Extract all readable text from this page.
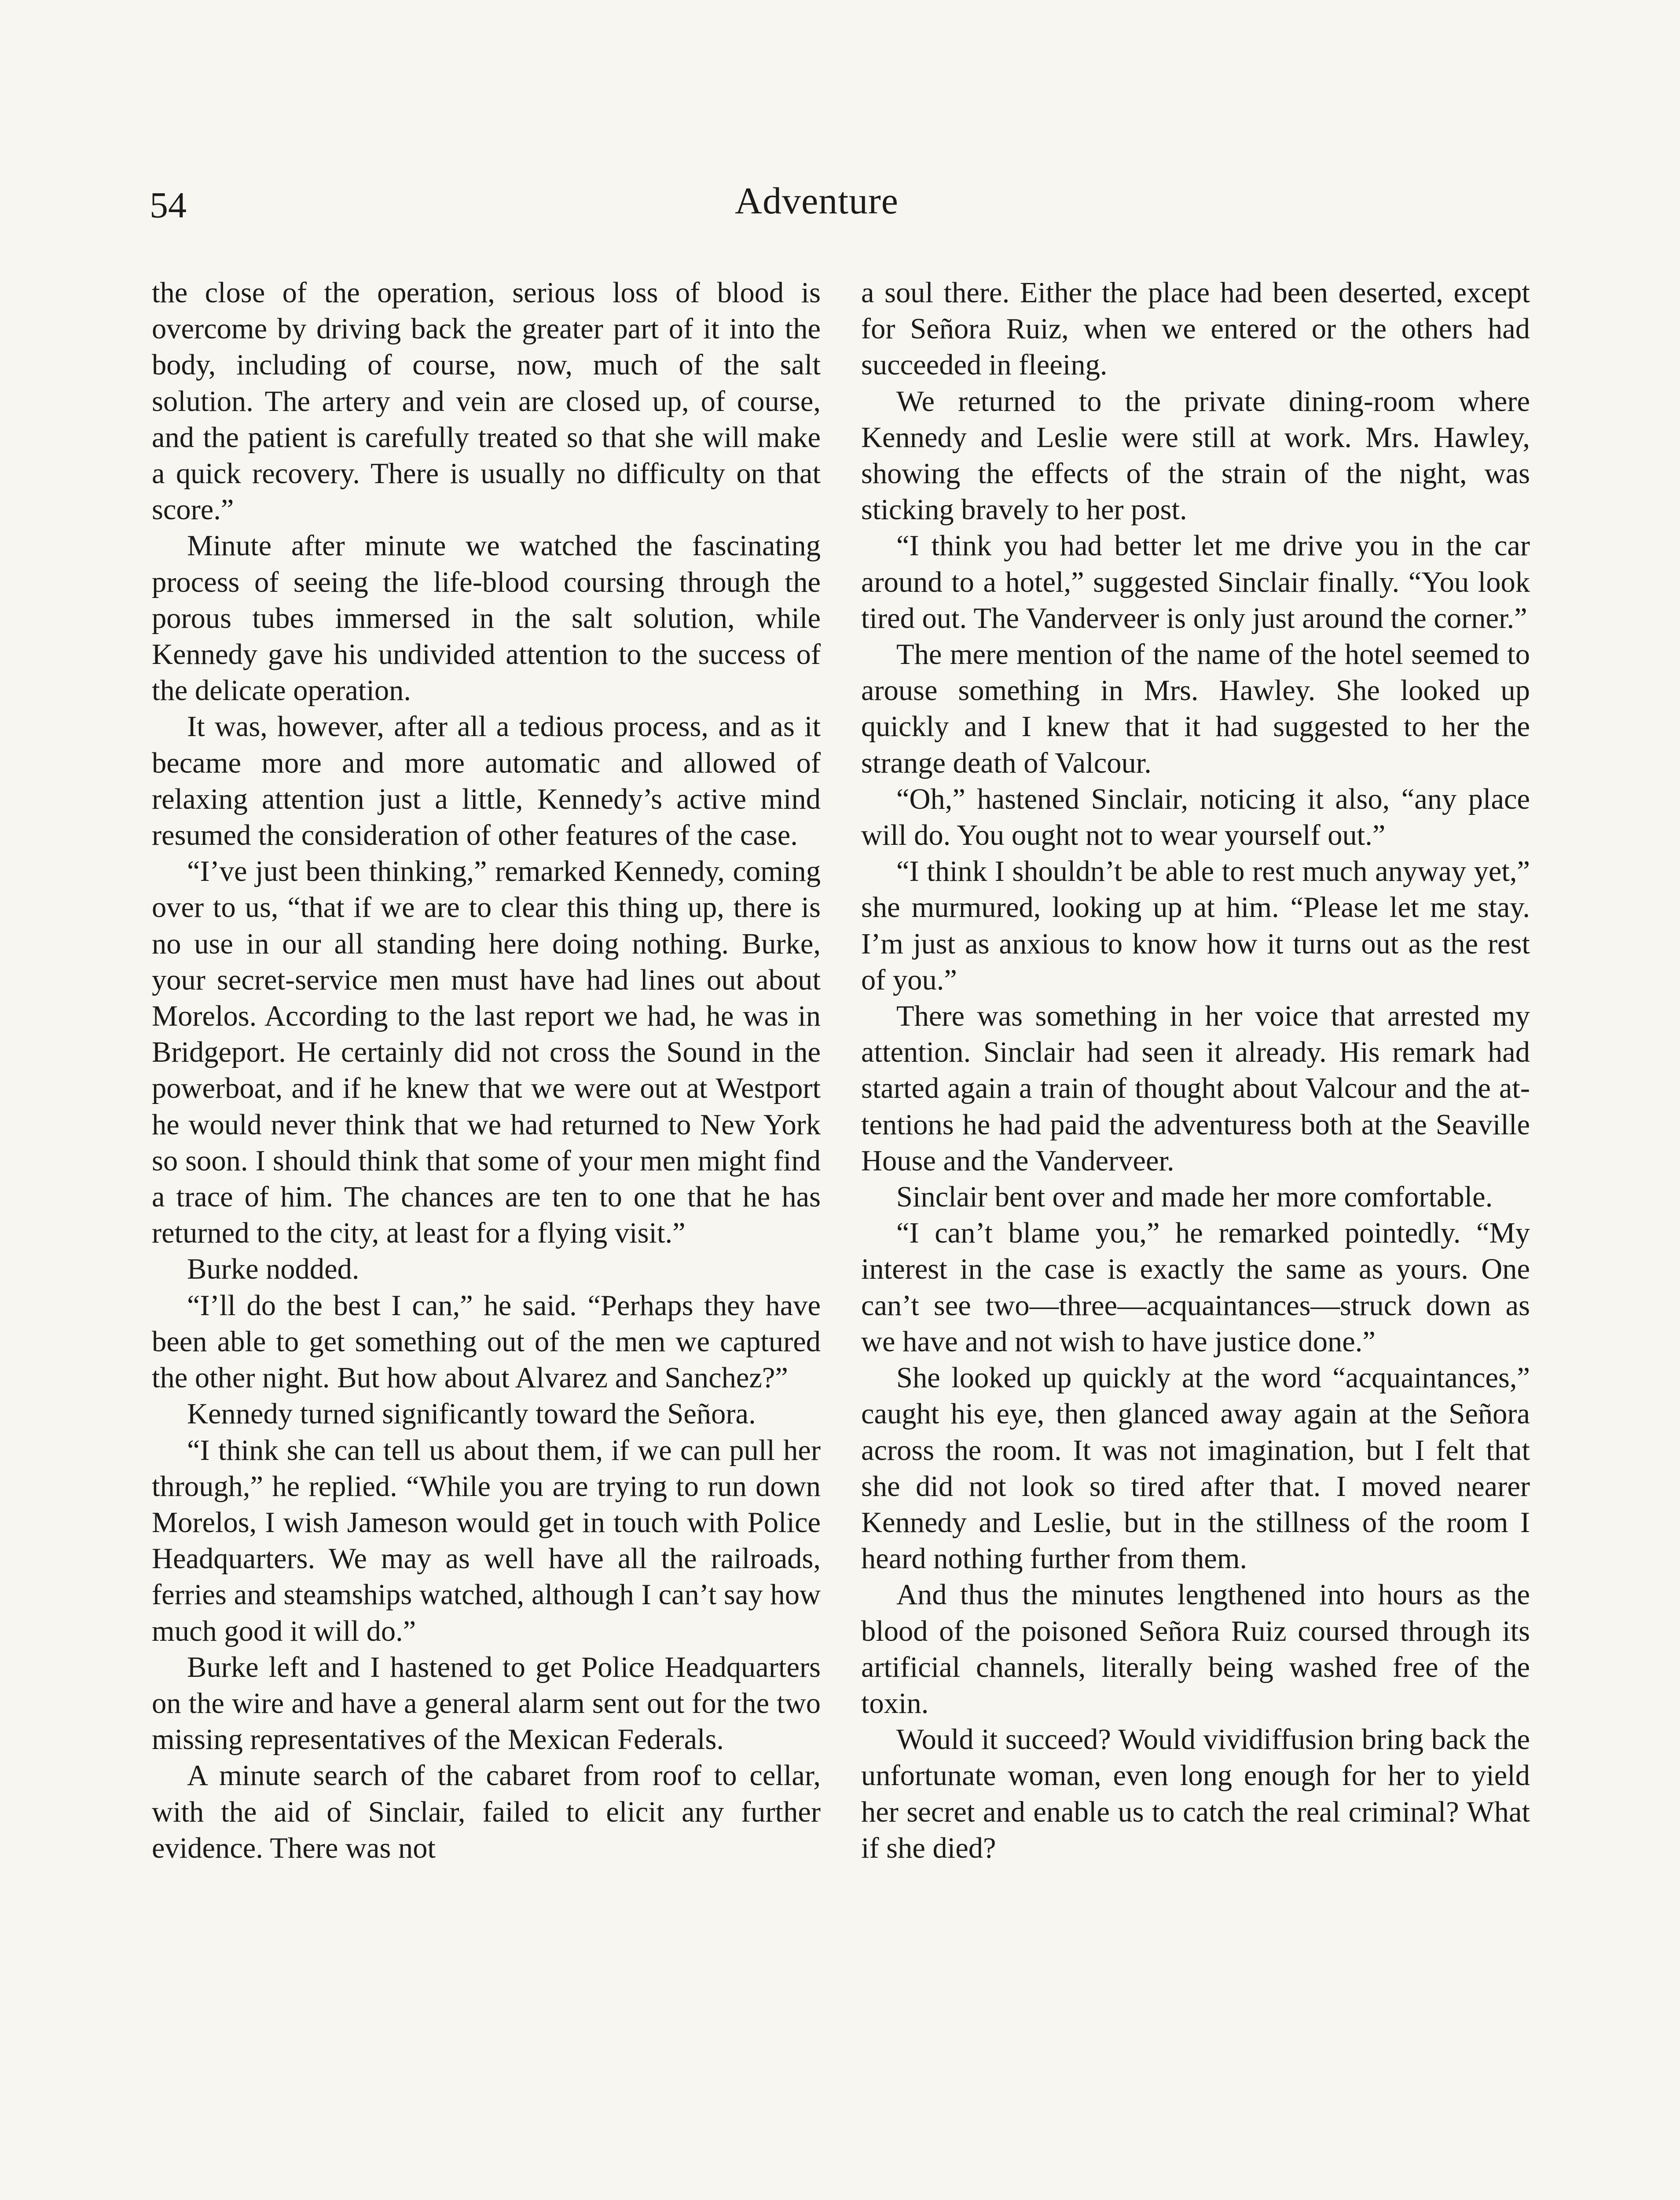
54	Adventure

the close of the operation, serious loss of blood is overcome by driving back the greater part of it into the body, including of course, now, much of the salt solution. The artery and vein are closed up, of course, and the patient is carefully treated so that she will make a quick recovery. There is usually no difficulty on that score.”

Minute after minute we watched the fascinating process of seeing the life-blood coursing through the porous tubes immersed in the salt solution, while Kennedy gave his undivided attention to the success of the delicate operation.

It was, however, after all a tedious process, and as it became more and more automatic and allowed of relaxing attention just a little, Kennedy’s active mind resumed the consideration of other features of the case.

“I’ve just been thinking,” remarked Kennedy, coming over to us, “that if we are to clear this thing up, there is no use in our all standing here doing nothing. Burke, your secret-service men must have had lines out about Morelos. According to the last report we had, he was in Bridgeport. He certainly did not cross the Sound in the powerboat, and if he knew that we were out at Westport he would never think that we had returned to New York so soon. I should think that some of your men might find a trace of him. The chances are ten to one that he has returned to the city, at least for a flying visit.”

Burke nodded.

“I’ll do the best I can,” he said. “Perhaps they have been able to get something out of the men we captured the other night. But how about Alvarez and Sanchez?”

Kennedy turned significantly toward the Señora.

“I think she can tell us about them, if we can pull her through,” he replied. “While you are trying to run down Morelos, I wish Jameson would get in touch with Police Headquarters. We may as well have all the railroads, ferries and steamships watched, although I can’t say how much good it will do.”

Burke left and I hastened to get Police Headquarters on the wire and have a general alarm sent out for the two missing representatives of the Mexican Federals.

A minute search of the cabaret from roof to cellar, with the aid of Sinclair, failed to elicit any further evidence. There was not

a soul there. Either the place had been deserted, except for Señora Ruiz, when we entered or the others had succeeded in fleeing.

We returned to the private dining-room where Kennedy and Leslie were still at work. Mrs. Hawley, showing the effects of the strain of the night, was sticking bravely to her post.

“I think you had better let me drive you in the car around to a hotel,” suggested Sinclair finally. “You look tired out. The Vanderveer is only just around the corner.”

The mere mention of the name of the hotel seemed to arouse something in Mrs. Hawley. She looked up quickly and I knew that it had suggested to her the strange death of Valcour.

“Oh,” hastened Sinclair, noticing it also, “any place will do. You ought not to wear yourself out.”

“I think I shouldn’t be able to rest much anyway yet,” she murmured, looking up at him. “Please let me stay. I’m just as anxious to know how it turns out as the rest of you.”

There was something in her voice that arrested my attention. Sinclair had seen it already. His remark had started again a train of thought about Valcour and the attentions he had paid the adventuress both at the Seaville House and the Vanderveer.

Sinclair bent over and made her more comfortable.

“I can’t blame you,” he remarked pointedly. “My interest in the case is exactly the same as yours. One can’t see two—three—acquaintances—struck down as we have and not wish to have justice done.”

She looked up quickly at the word “acquaintances,” caught his eye, then glanced away again at the Señora across the room. It was not imagination, but I felt that she did not look so tired after that. I moved nearer Kennedy and Leslie, but in the stillness of the room I heard nothing further from them.

And thus the minutes lengthened into hours as the blood of the poisoned Señora Ruiz coursed through its artificial channels, literally being washed free of the toxin.

Would it succeed? Would vividiffusion bring back the unfortunate woman, even long enough for her to yield her secret and enable us to catch the real criminal? What if she died?
